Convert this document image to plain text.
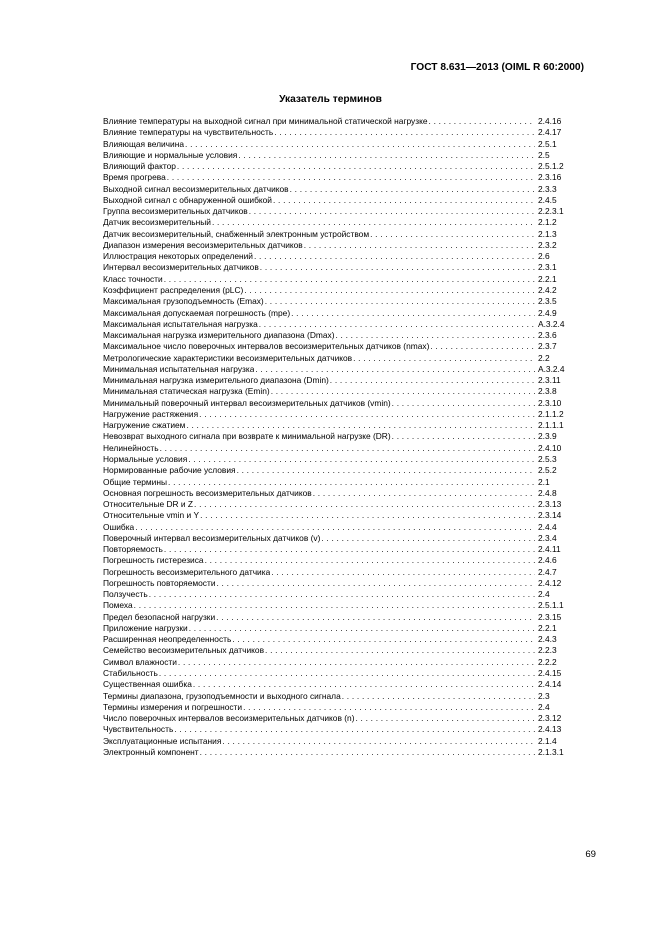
ГОСТ 8.631—2013 (OIML R 60:2000)
Указатель терминов
Влияние температуры на выходной сигнал при минимальной статической нагрузке . . .	2.4.16
Влияние температуры на чувствительность . . .	2.4.17
Влияющая величина . . .	2.5.1
Влияющие и нормальные условия . . .	2.5
Влияющий фактор . . .	2.5.1.2
Время прогрева . . .	2.3.16
Выходной сигнал весоизмерительных датчиков . . .	2.3.3
Выходной сигнал с обнаруженной ошибкой . . .	2.4.5
Группа весоизмерительных датчиков . . .	2.2.3.1
Датчик весоизмерительный . . .	2.1.2
Датчик весоизмерительный, снабженный электронным устройством . . .	2.1.3
Диапазон измерения весоизмерительных датчиков . . .	2.3.2
Иллюстрация некоторых определений . . .	2.6
Интервал весоизмерительных датчиков . . .	2.3.1
Класс точности . . .	2.2.1
Коэффициент распределения (pLC) . . .	2.4.2
Максимальная грузоподъемность (Emax) . . .	2.3.5
Максимальная допускаемая погрешность (mpe) . . .	2.4.9
Максимальная испытательная нагрузка . . .	А.3.2.4
Максимальная нагрузка измерительного диапазона (Dmax) . . .	2.3.6
Максимальное число поверочных интервалов весоизмерительных датчиков (nmax) . . .	2.3.7
Метрологические характеристики весоизмерительных датчиков . . .	2.2
Минимальная испытательная нагрузка . . .	А.3.2.4
Минимальная нагрузка измерительного диапазона (Dmin) . . .	2.3.11
Минимальная статическая нагрузка (Emin) . . .	2.3.8
Минимальный поверочный интервал весоизмерительных датчиков (vmin) . . .	2.3.10
Нагружение растяжения . . .	2.1.1.2
Нагружение сжатием . . .	2.1.1.1
Невозврат выходного сигнала при возврате к минимальной нагрузке (DR) . . .	2.3.9
Нелинейность . . .	2.4.10
Нормальные условия . . .	2.5.3
Нормированные рабочие условия . . .	2.5.2
Общие термины . . .	2.1
Основная погрешность весоизмерительных датчиков . . .	2.4.8
Относительные DR и Z . . .	2.3.13
Относительные vmin и Y . . .	2.3.14
Ошибка . . .	2.4.4
Поверочный интервал весоизмерительных датчиков (v) . . .	2.3.4
Повторяемость . . .	2.4.11
Погрешность гистерезиса . . .	2.4.6
Погрешность весоизмерительного датчика . . .	2.4.7
Погрешность повторяемости . . .	2.4.12
Ползучесть . . .	2.4
Помеха . . .	2.5.1.1
Предел безопасной нагрузки . . .	2.3.15
Приложение нагрузки . . .	2.2.1
Расширенная неопределенность . . .	2.4.3
Семейство весоизмерительных датчиков . . .	2.2.3
Символ влажности . . .	2.2.2
Стабильность . . .	2.4.15
Существенная ошибка . . .	2.4.14
Термины диапазона, грузоподъемности и выходного сигнала . . .	2.3
Термины измерения и погрешности . . .	2.4
Число поверочных интервалов весоизмерительных датчиков (n) . . .	2.3.12
Чувствительность . . .	2.4.13
Эксплуатационные испытания . . .	2.1.4
Электронный компонент . . .	2.1.3.1
69
